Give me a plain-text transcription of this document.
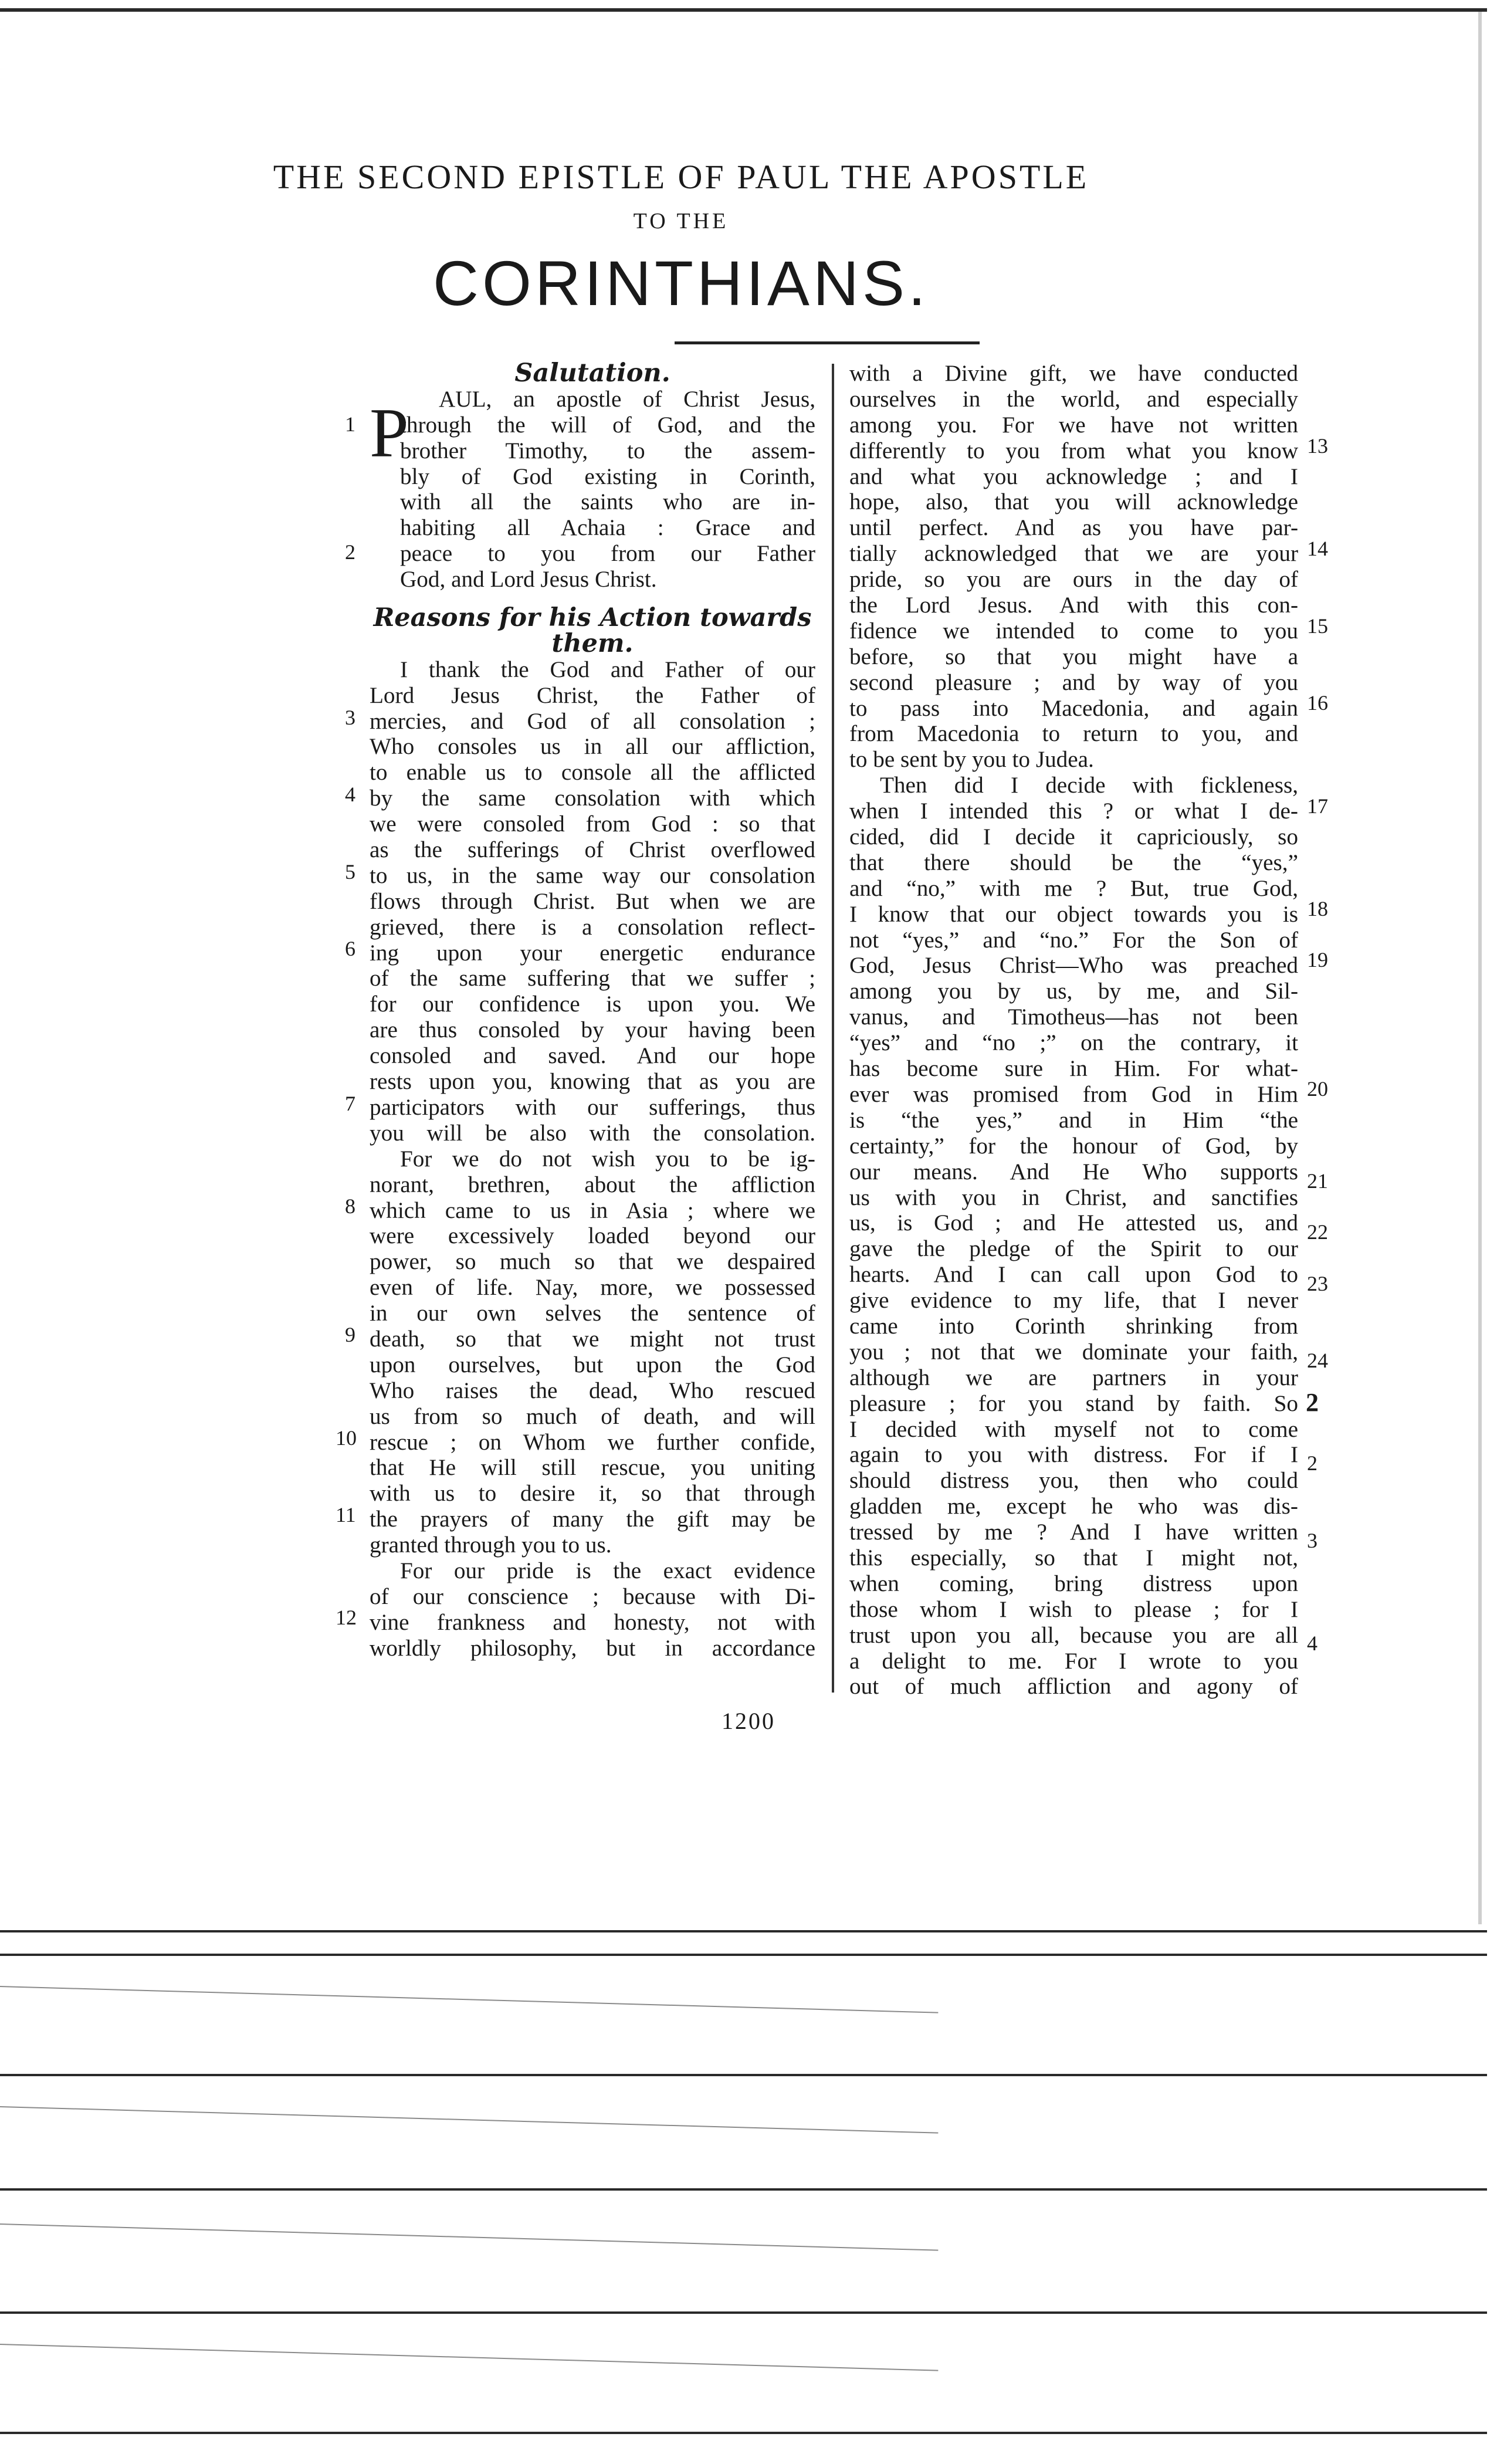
THE SECOND EPISTLE OF PAUL THE APOSTLE
TO THE
CORINTHIANS.
P
Salutation.
AUL, an apostle of Christ Jesus,
through the will of God, and the
brother Timothy, to the assem-
bly of God existing in Corinth,
with all the saints who are in-
habiting all Achaia : Grace and
peace to you from our Father
God, and Lord Jesus Christ.
Reasons for his Action towards
them.
I thank the God and Father of our
Lord Jesus Christ, the Father of
mercies, and God of all consolation ;
Who consoles us in all our affliction,
to enable us to console all the afflicted
by the same consolation with which
we were consoled from God : so that
as the sufferings of Christ overflowed
to us, in the same way our consolation
flows through Christ. But when we are
grieved, there is a consolation reflect-
ing upon your energetic endurance
of the same suffering that we suffer ;
for our confidence is upon you. We
are thus consoled by your having been
consoled and saved. And our hope
rests upon you, knowing that as you are
participators with our sufferings, thus
you will be also with the consolation.
For we do not wish you to be ig-
norant, brethren, about the affliction
which came to us in Asia ; where we
were excessively loaded beyond our
power, so much so that we despaired
even of life. Nay, more, we possessed
in our own selves the sentence of
death, so that we might not trust
upon ourselves, but upon the God
Who raises the dead, Who rescued
us from so much of death, and will
rescue ; on Whom we further confide,
that He will still rescue, you uniting
with us to desire it, so that through
the prayers of many the gift may be
granted through you to us.
For our pride is the exact evidence
of our conscience ; because with Di-
vine frankness and honesty, not with
worldly philosophy, but in accordance
1
2
3
4
5
6
7
8
9
10
11
12
with a Divine gift, we have conducted
ourselves in the world, and especially
among you. For we have not written
differently to you from what you know
and what you acknowledge ; and I
hope, also, that you will acknowledge
until perfect. And as you have par-
tially acknowledged that we are your
pride, so you are ours in the day of
the Lord Jesus. And with this con-
fidence we intended to come to you
before, so that you might have a
second pleasure ; and by way of you
to pass into Macedonia, and again
from Macedonia to return to you, and
to be sent by you to Judea.
Then did I decide with fickleness,
when I intended this ? or what I de-
cided, did I decide it capriciously, so
that there should be the “yes,”
and “no,” with me ? But, true God,
I know that our object towards you is
not “yes,” and “no.” For the Son of
God, Jesus Christ—Who was preached
among you by us, by me, and Sil-
vanus, and Timotheus—has not been
“yes” and “no ;” on the contrary, it
has become sure in Him. For what-
ever was promised from God in Him
is “the yes,” and in Him “the
certainty,” for the honour of God, by
our means. And He Who supports
us with you in Christ, and sanctifies
us, is God ; and He attested us, and
gave the pledge of the Spirit to our
hearts. And I can call upon God to
give evidence to my life, that I never
came into Corinth shrinking from
you ; not that we dominate your faith,
although we are partners in your
pleasure ; for you stand by faith. So
I decided with myself not to come
again to you with distress. For if I
should distress you, then who could
gladden me, except he who was dis-
tressed by me ? And I have written
this especially, so that I might not,
when coming, bring distress upon
those whom I wish to please ; for I
trust upon you all, because you are all
a delight to me. For I wrote to you
out of much affliction and agony of
13
14
15
16
17
18
19
20
21
22
23
24
2
2
3
4
1200
